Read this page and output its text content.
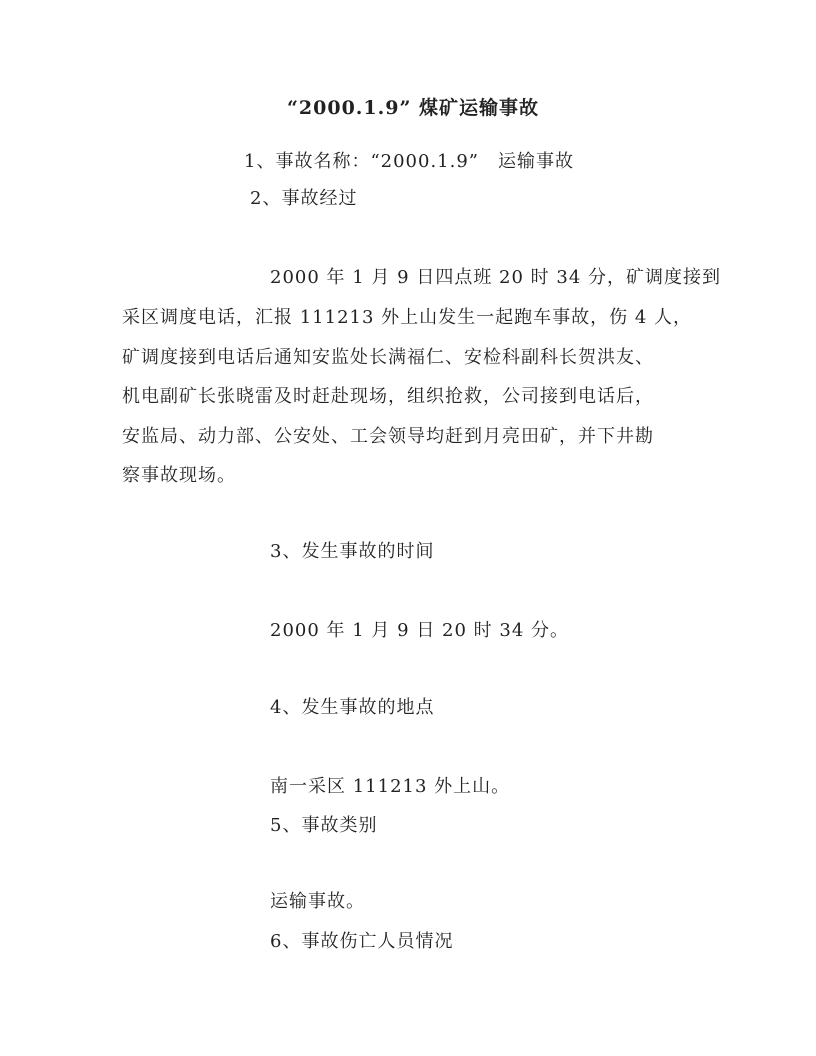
“2000.1.9” 煤矿运输事故
1、事故名称：“2000.1.9”　运输事故
2、事故经过
2000 年 1 月 9 日四点班 20 时 34 分，矿调度接到
采区调度电话，汇报 111213 外上山发生一起跑车事故，伤 4 人，
矿调度接到电话后通知安监处长满福仁、安检科副科长贺洪友、
机电副矿长张晓雷及时赶赴现场，组织抢救，公司接到电话后，
安监局、动力部、公安处、工会领导均赶到月亮田矿，并下井勘
察事故现场。
3、发生事故的时间
2000 年 1 月 9 日 20 时 34 分。
4、发生事故的地点
南一采区 111213 外上山。
5、事故类别
运输事故。
6、事故伤亡人员情况
